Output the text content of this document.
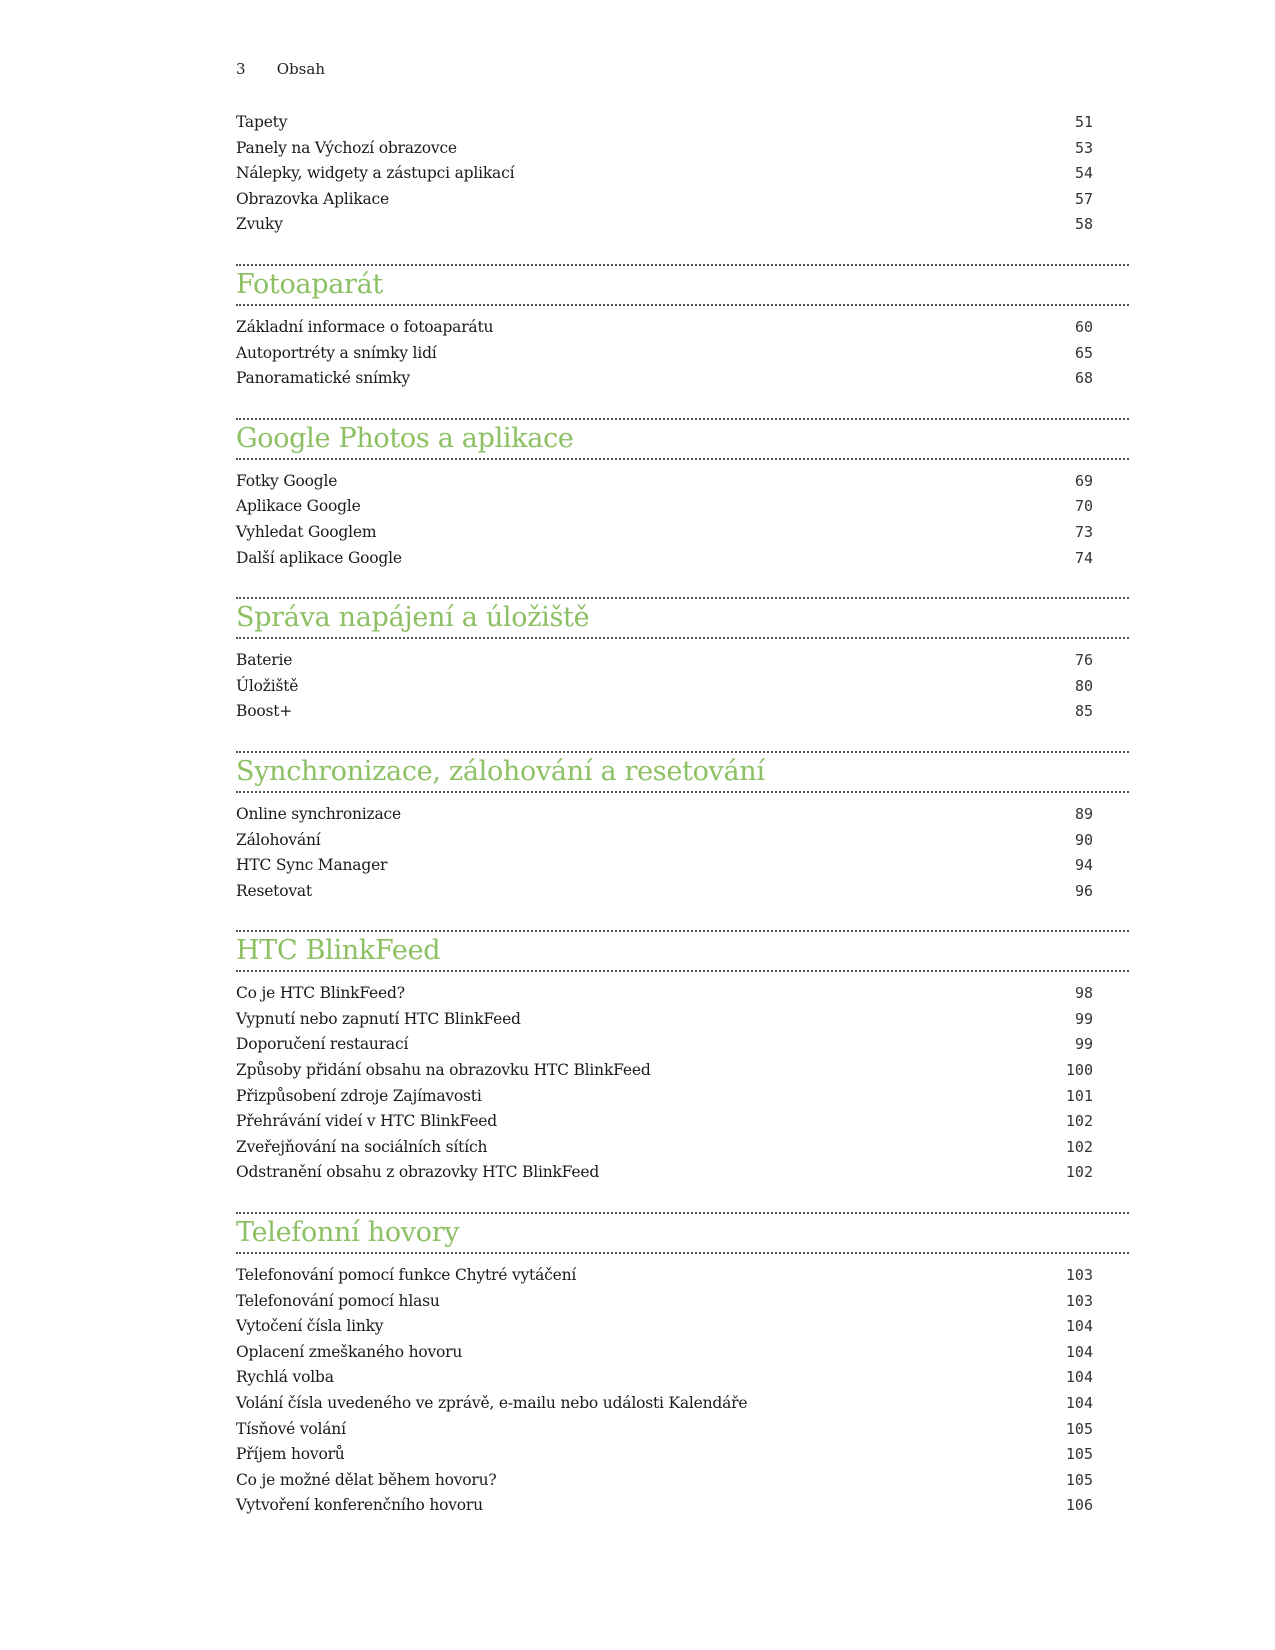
3 Obsah
Tapety	51
Panely na Výchozí obrazovce	53
Nálepky, widgety a zástupci aplikací	54
Obrazovka Aplikace	57
Zvuky	58
Fotoaparát
Základní informace o fotoaparátu	60
Autoportréty a snímky lidí	65
Panoramatické snímky	68
Google Photos a aplikace
Fotky Google	69
Aplikace Google	70
Vyhledat Googlem	73
Další aplikace Google	74
Správa napájení a úložiště
Baterie	76
Úložiště	80
Boost+	85
Synchronizace, zálohování a resetování
Online synchronizace	89
Zálohování	90
HTC Sync Manager	94
Resetovat	96
HTC BlinkFeed
Co je HTC BlinkFeed?	98
Vypnutí nebo zapnutí HTC BlinkFeed	99
Doporučení restaurací	99
Způsoby přidání obsahu na obrazovku HTC BlinkFeed	100
Přizpůsobení zdroje Zajímavosti	101
Přehrávání videí v HTC BlinkFeed	102
Zveřejňování na sociálních sítích	102
Odstranění obsahu z obrazovky HTC BlinkFeed	102
Telefonní hovory
Telefonování pomocí funkce Chytré vytáčení	103
Telefonování pomocí hlasu	103
Vytočení čísla linky	104
Oplacení zmeškaného hovoru	104
Rychlá volba	104
Volání čísla uvedeného ve zprávě, e-mailu nebo události Kalendáře	104
Tísňové volání	105
Příjem hovorů	105
Co je možné dělat během hovoru?	105
Vytvoření konferenčního hovoru	106
